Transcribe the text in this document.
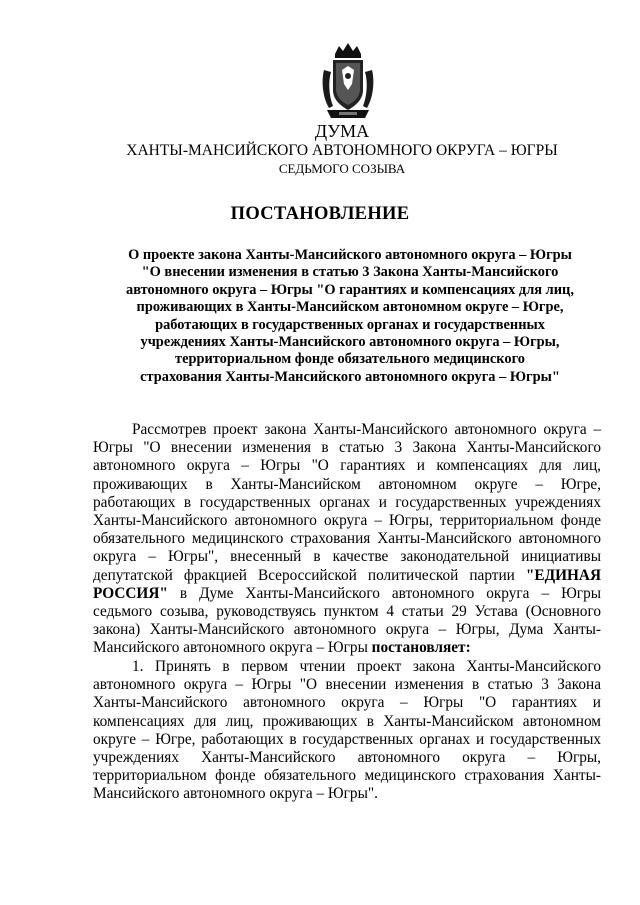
ДУМА
ХАНТЫ-МАНСИЙСКОГО АВТОНОМНОГО ОКРУГА – ЮГРЫ
СЕДЬМОГО СОЗЫВА
ПОСТАНОВЛЕНИЕ
О проекте закона Ханты-Мансийского автономного округа – Югры
"О внесении изменения в статью 3 Закона Ханты-Мансийского
автономного округа – Югры "О гарантиях и компенсациях для лиц,
проживающих в Ханты-Мансийском автономном округе – Югре,
работающих в государственных органах и государственных
учреждениях Ханты-Мансийского автономного округа – Югры,
территориальном фонде обязательного медицинского
страхования Ханты-Мансийского автономного округа – Югры"
Рассмотрев проект закона Ханты-Мансийского автономного округа –
Югры "О внесении изменения в статью 3 Закона Ханты-Мансийского
автономного округа – Югры "О гарантиях и компенсациях для лиц,
проживающих в Ханты-Мансийском автономном округе – Югре,
работающих в государственных органах и государственных учреждениях
Ханты-Мансийского автономного округа – Югры, территориальном фонде
обязательного медицинского страхования Ханты-Мансийского автономного
округа – Югры", внесенный в качестве законодательной инициативы
депутатской фракцией Всероссийской политической партии "ЕДИНАЯ
РОССИЯ" в Думе Ханты-Мансийского автономного округа – Югры
седьмого созыва, руководствуясь пунктом 4 статьи 29 Устава (Основного
закона) Ханты-Мансийского автономного округа – Югры, Дума Ханты-
Мансийского автономного округа – Югры постановляет:
1. Принять в первом чтении проект закона Ханты-Мансийского
автономного округа – Югры "О внесении изменения в статью 3 Закона
Ханты-Мансийского автономного округа – Югры "О гарантиях и
компенсациях для лиц, проживающих в Ханты-Мансийском автономном
округе – Югре, работающих в государственных органах и государственных
учреждениях Ханты-Мансийского автономного округа – Югры,
территориальном фонде обязательного медицинского страхования Ханты-
Мансийского автономного округа – Югры".
